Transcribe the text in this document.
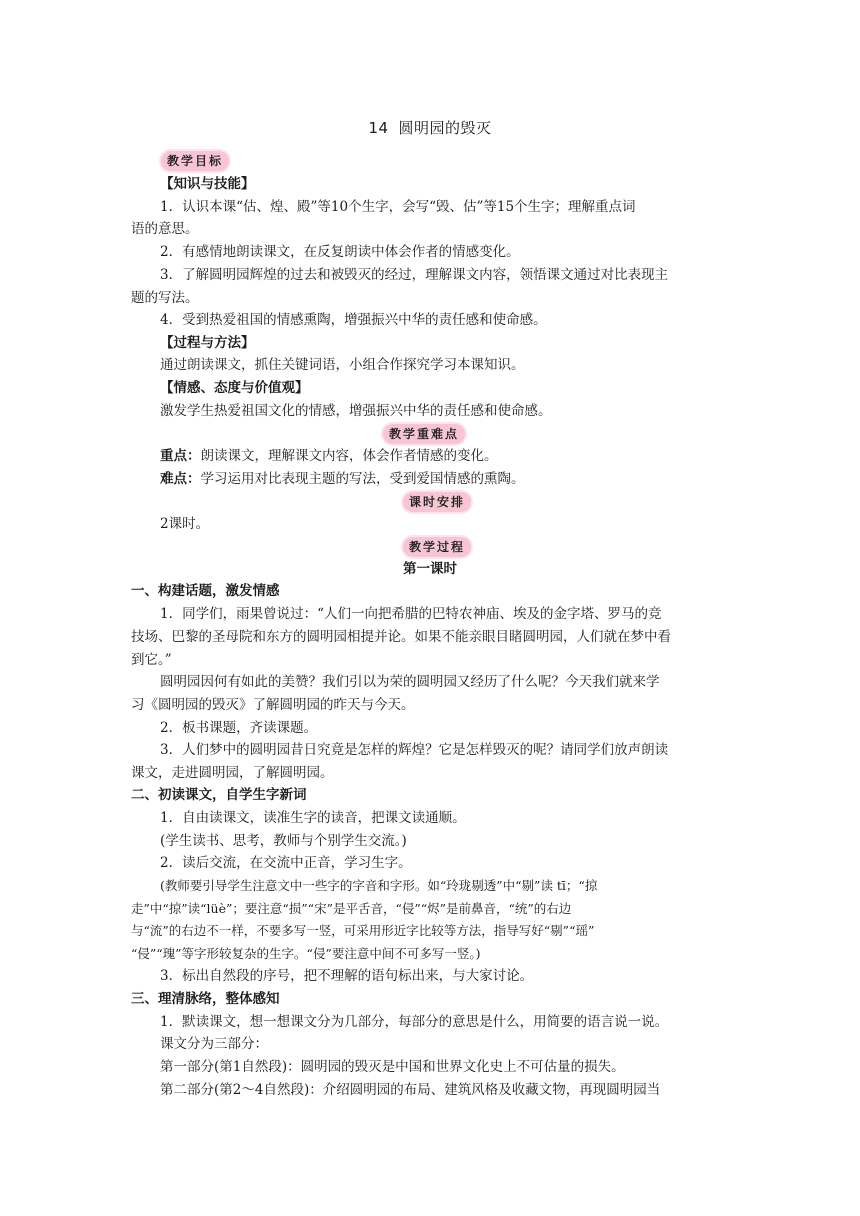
14 圆明园的毁灭
教学目标
【知识与技能】
1．认识本课“估、煌、殿”等10个生字，会写“毁、估”等15个生字；理解重点词
语的意思。
2．有感情地朗读课文，在反复朗读中体会作者的情感变化。
3．了解圆明园辉煌的过去和被毁灭的经过，理解课文内容，领悟课文通过对比表现主
题的写法。
4．受到热爱祖国的情感熏陶，增强振兴中华的责任感和使命感。
【过程与方法】
通过朗读课文，抓住关键词语，小组合作探究学习本课知识。
【情感、态度与价值观】
激发学生热爱祖国文化的情感，增强振兴中华的责任感和使命感。
教学重难点
重点：朗读课文，理解课文内容，体会作者情感的变化。
难点：学习运用对比表现主题的写法，受到爱国情感的熏陶。
课时安排
2课时。
教学过程
第一课时
一、构建话题，激发情感
1．同学们，雨果曾说过：“人们一向把希腊的巴特农神庙、埃及的金字塔、罗马的竞
技场、巴黎的圣母院和东方的圆明园相提并论。如果不能亲眼目睹圆明园，人们就在梦中看
到它。”
圆明园因何有如此的美赞？我们引以为荣的圆明园又经历了什么呢？今天我们就来学
习《圆明园的毁灭》了解圆明园的昨天与今天。
2．板书课题，齐读课题。
3．人们梦中的圆明园昔日究竟是怎样的辉煌？它是怎样毁灭的呢？请同学们放声朗读
课文，走进圆明园，了解圆明园。
二、初读课文，自学生字新词
1．自由读课文，读准生字的读音，把课文读通顺。
(学生读书、思考，教师与个别学生交流。)
2．读后交流，在交流中正音，学习生字。
(教师要引导学生注意文中一些字的字音和字形。如“玲珑剔透”中“剔”读 tī；“掠
走”中“掠”读“lüè”；要注意“损”“宋”是平舌音，“侵”“烬”是前鼻音，“统”的右边
与“流”的右边不一样，不要多写一竖，可采用形近字比较等方法，指导写好“剔”“瑶”
“侵”“瑰”等字形较复杂的生字。“侵”要注意中间不可多写一竖。)
3．标出自然段的序号，把不理解的语句标出来，与大家讨论。
三、理清脉络，整体感知
1．默读课文，想一想课文分为几部分，每部分的意思是什么，用简要的语言说一说。
课文分为三部分：
第一部分(第1自然段)：圆明园的毁灭是中国和世界文化史上不可估量的损失。
第二部分(第2～4自然段)：介绍圆明园的布局、建筑风格及收藏文物，再现圆明园当
